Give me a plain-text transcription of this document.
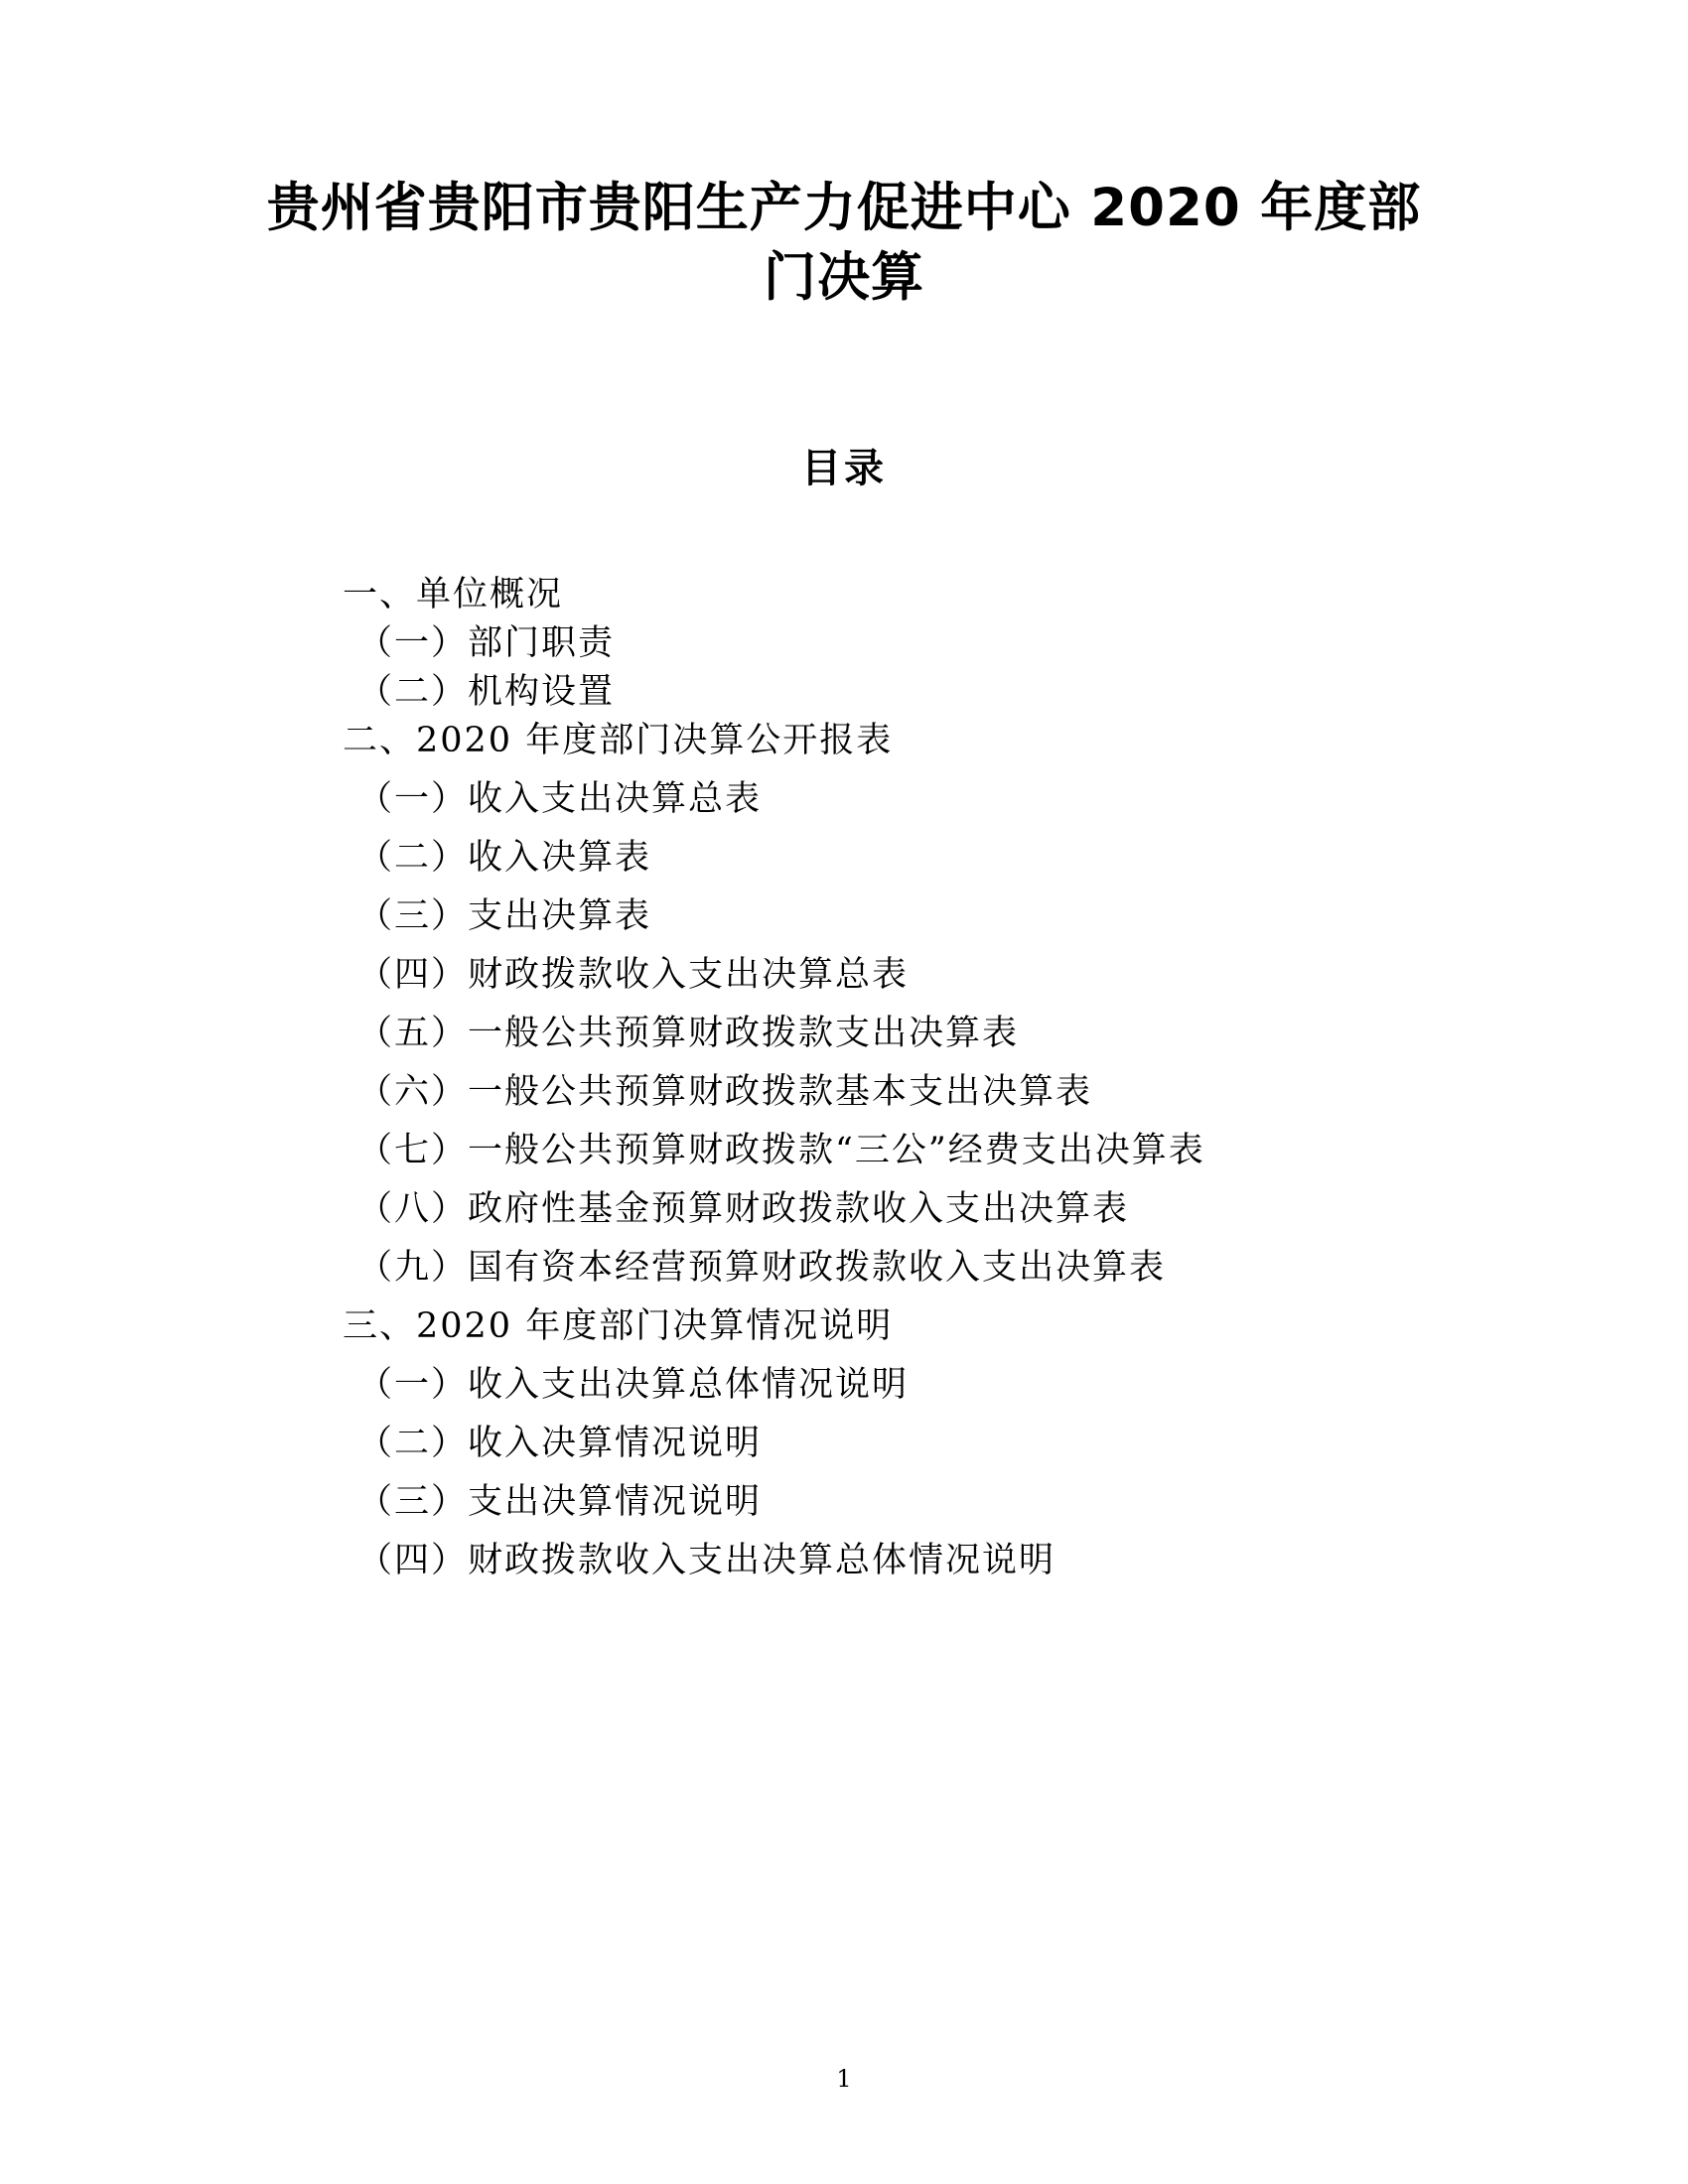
贵州省贵阳市贵阳生产力促进中心 2020 年度部门决算
目录
一、单位概况
（一）部门职责
（二）机构设置
二、2020 年度部门决算公开报表
（一）收入支出决算总表
（二）收入决算表
（三）支出决算表
（四）财政拨款收入支出决算总表
（五）一般公共预算财政拨款支出决算表
（六）一般公共预算财政拨款基本支出决算表
（七）一般公共预算财政拨款“三公”经费支出决算表
（八）政府性基金预算财政拨款收入支出决算表
（九）国有资本经营预算财政拨款收入支出决算表
三、2020 年度部门决算情况说明
（一）收入支出决算总体情况说明
（二）收入决算情况说明
（三）支出决算情况说明
（四）财政拨款收入支出决算总体情况说明
1
